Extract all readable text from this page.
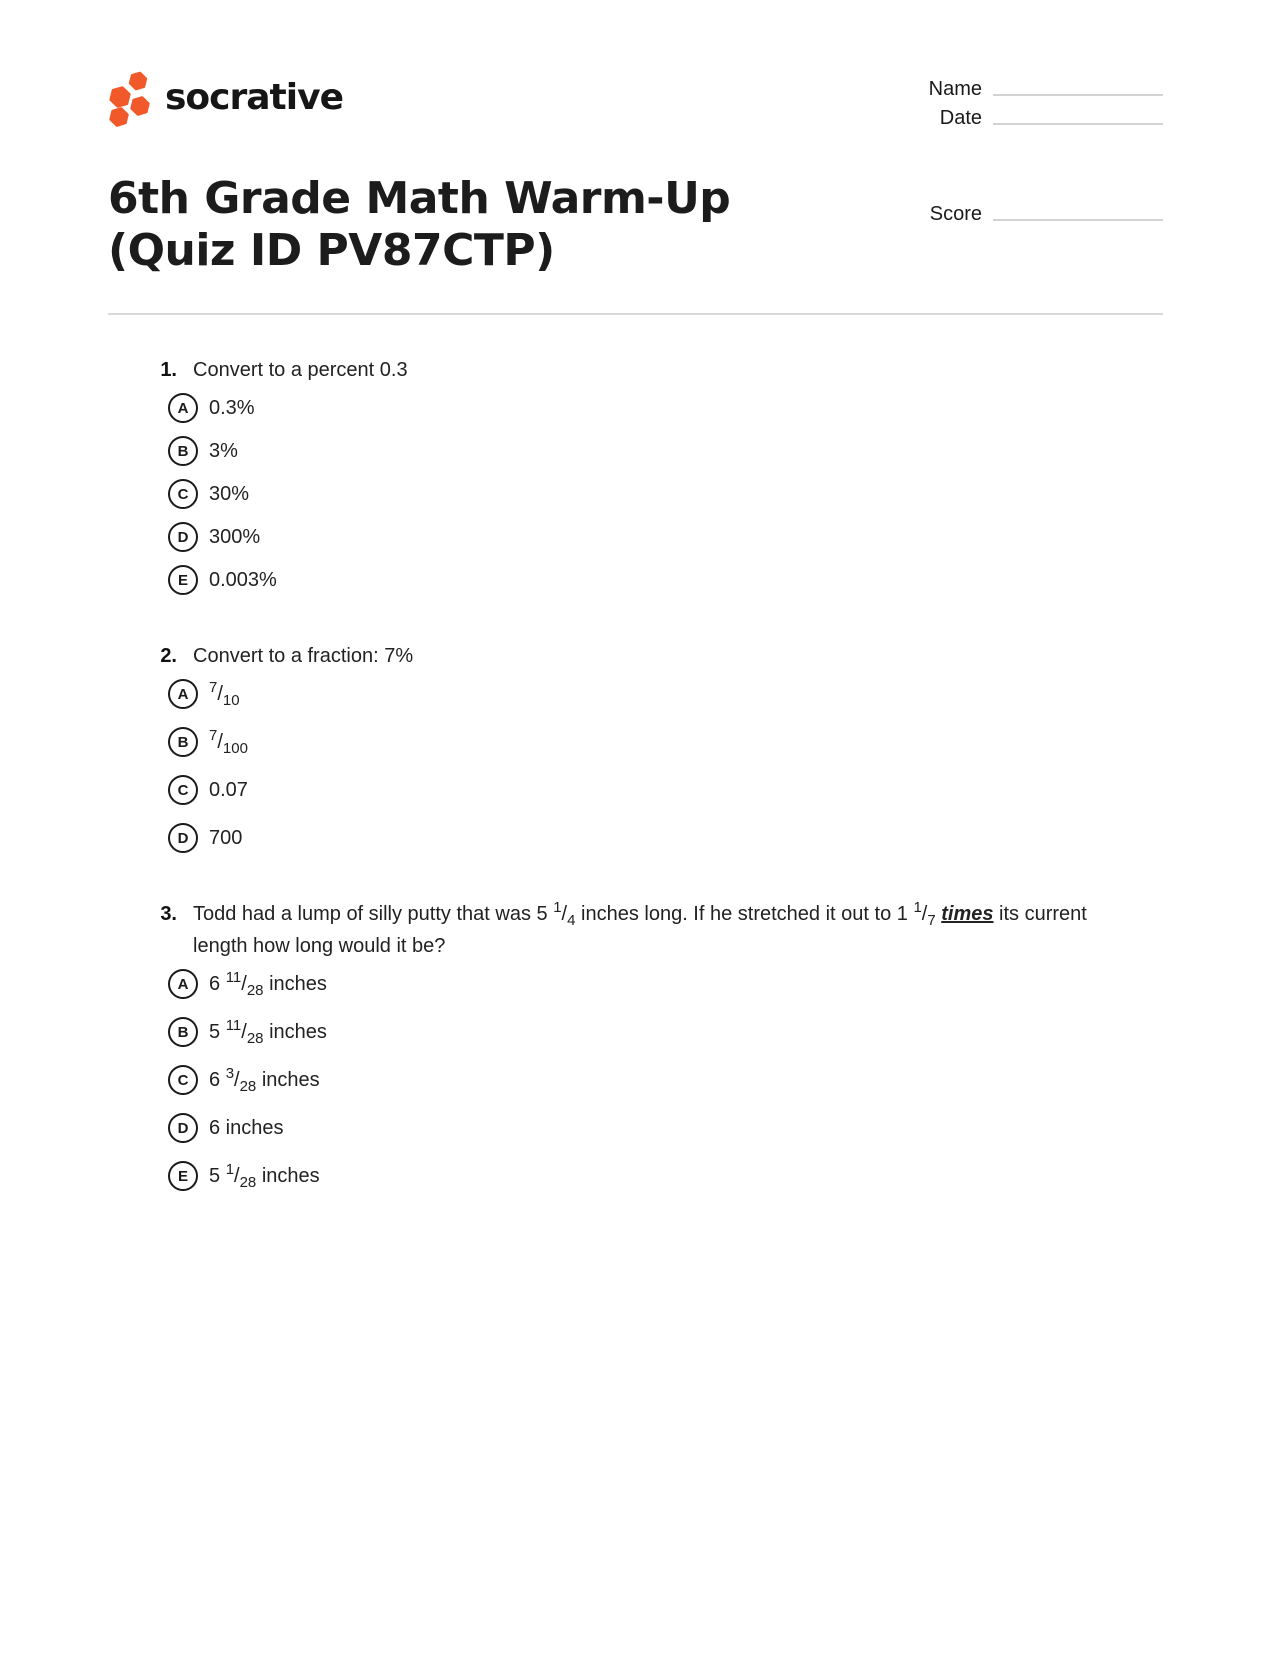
socrative	Name
Date
6th Grade Math Warm-Up (Quiz ID PV87CTP)
Score
1. Convert to a percent 0.3
A 0.3%
B 3%
C 30%
D 300%
E 0.003%
2. Convert to a fraction: 7%
A $^7/_{10}$
B $^7/_{100}$
C 0.07
D 700
3. Todd had a lump of silly putty that was 5 $^1/_4$ inches long. If he stretched it out to 1 $^1/_7$ times its current length how long would it be?
A 6 $^{11}/_{28}$ inches
B 5 $^{11}/_{28}$ inches
C 6 $^3/_{28}$ inches
D 6 inches
E 5 $^1/_{28}$ inches
